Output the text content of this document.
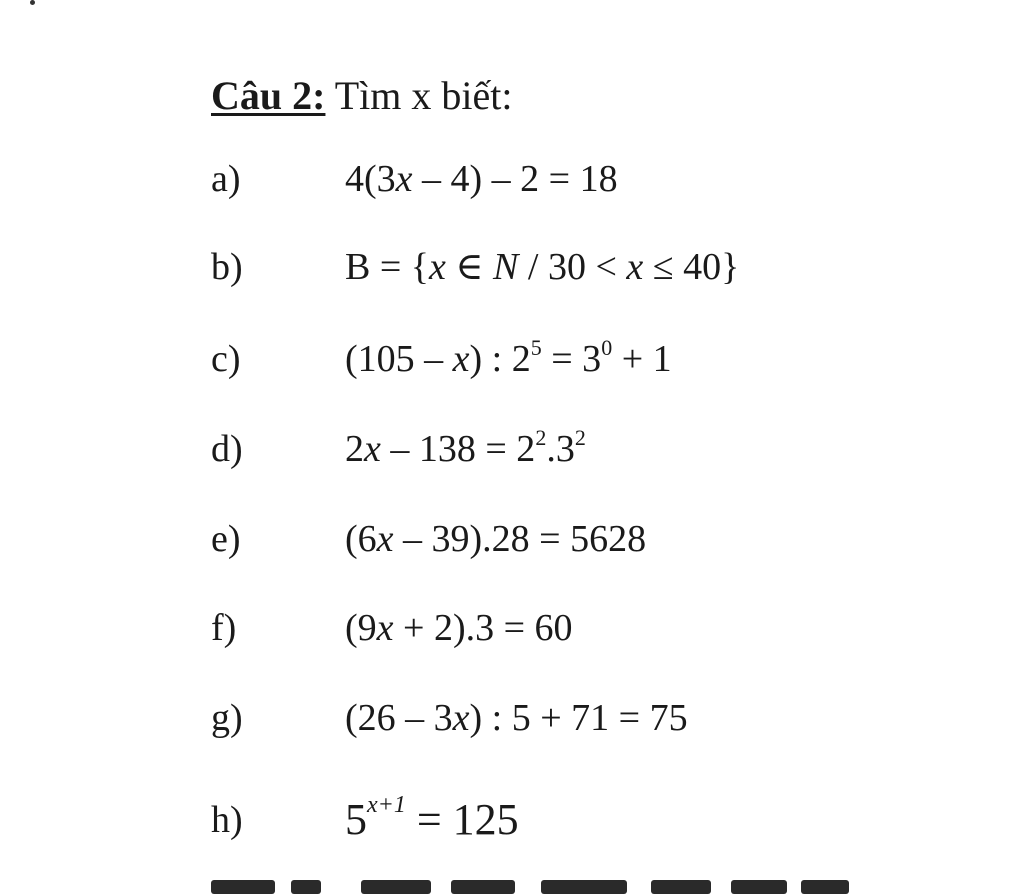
Câu 2: Tìm x biết:
a)	4(3x – 4) – 2 = 18
b)	B = {x ∈ N / 30 < x ≤ 40}
c)	(105 – x) : $2^5 = 3^0 + 1$
d)	$2x - 138 = 2^2.3^2$
e)	(6x – 39).28 = 5628
f)	(9x + 2).3 = 60
g)	(26 – 3x) : 5 + 71 = 75
h) $5^{x+1} = 125$
